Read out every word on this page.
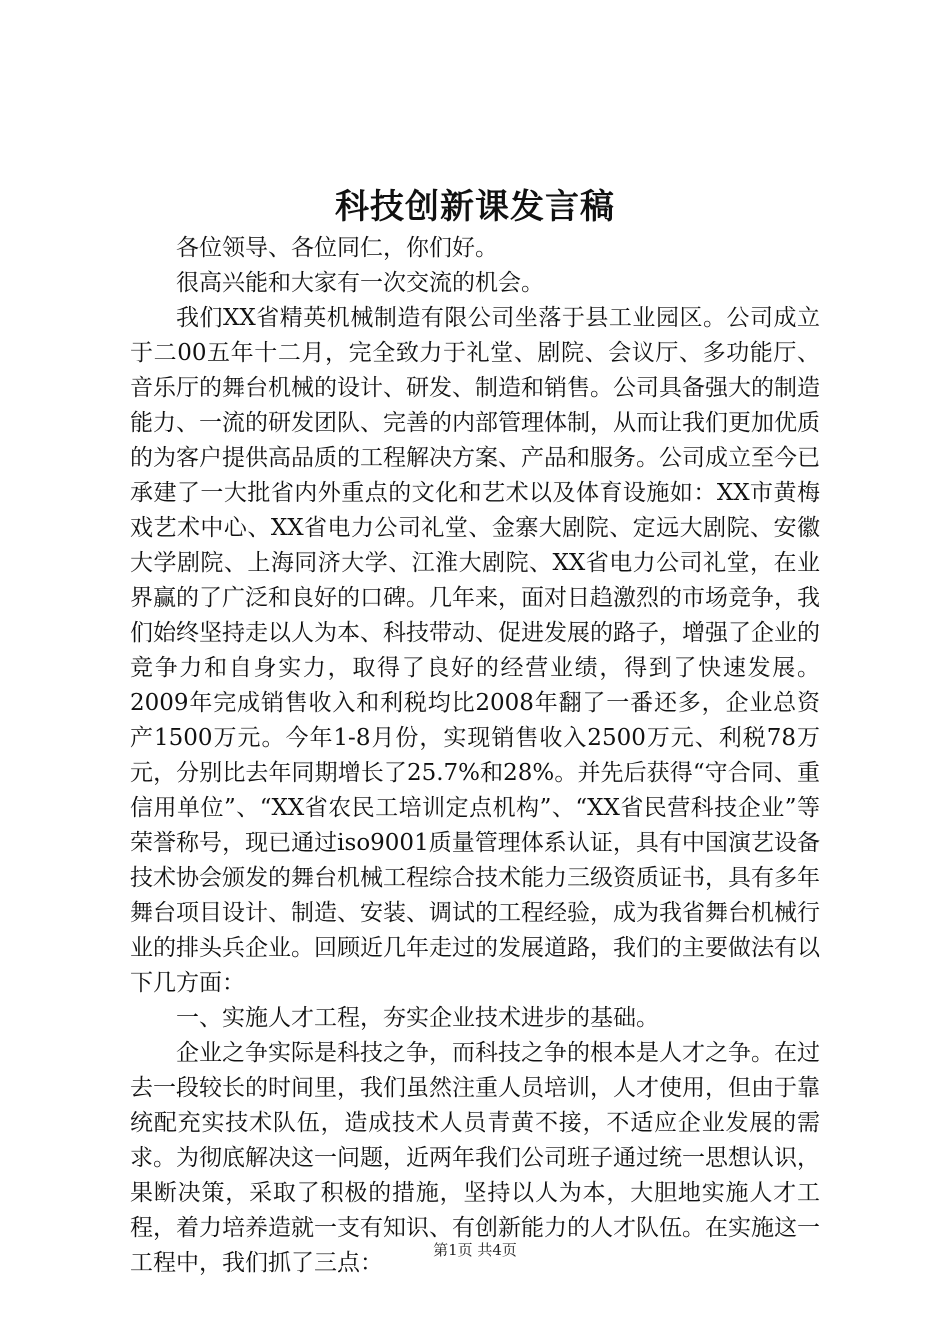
科技创新课发言稿

各位领导、各位同仁，你们好。

很高兴能和大家有一次交流的机会。

我们XX省精英机械制造有限公司坐落于县工业园区。公司成立于二00五年十二月，完全致力于礼堂、剧院、会议厅、多功能厅、音乐厅的舞台机械的设计、研发、制造和销售。公司具备强大的制造能力、一流的研发团队、完善的内部管理体制，从而让我们更加优质的为客户提供高品质的工程解决方案、产品和服务。公司成立至今已承建了一大批省内外重点的文化和艺术以及体育设施如：XX市黄梅戏艺术中心、XX省电力公司礼堂、金寨大剧院、定远大剧院、安徽大学剧院、上海同济大学、江淮大剧院、XX省电力公司礼堂，在业界赢的了广泛和良好的口碑。几年来，面对日趋激烈的市场竞争，我们始终坚持走以人为本、科技带动、促进发展的路子，增强了企业的竞争力和自身实力，取得了良好的经营业绩，得到了快速发展。2009年完成销售收入和利税均比2008年翻了一番还多，企业总资产1500万元。今年1-8月份，实现销售收入2500万元、利税78万元，分别比去年同期增长了25.7%和28%。并先后获得“守合同、重信用单位”、“XX省农民工培训定点机构”、“XX省民营科技企业”等荣誉称号，现已通过iso9001质量管理体系认证，具有中国演艺设备技术协会颁发的舞台机械工程综合技术能力三级资质证书，具有多年舞台项目设计、制造、安装、调试的工程经验，成为我省舞台机械行业的排头兵企业。回顾近几年走过的发展道路，我们的主要做法有以下几方面：

一、实施人才工程，夯实企业技术进步的基础。

企业之争实际是科技之争，而科技之争的根本是人才之争。在过去一段较长的时间里，我们虽然注重人员培训，人才使用，但由于靠统配充实技术队伍，造成技术人员青黄不接，不适应企业发展的需求。为彻底解决这一问题，近两年我们公司班子通过统一思想认识，果断决策，采取了积极的措施，坚持以人为本，大胆地实施人才工程，着力培养造就一支有知识、有创新能力的人才队伍。在实施这一工程中，我们抓了三点：	第1页 共4页
